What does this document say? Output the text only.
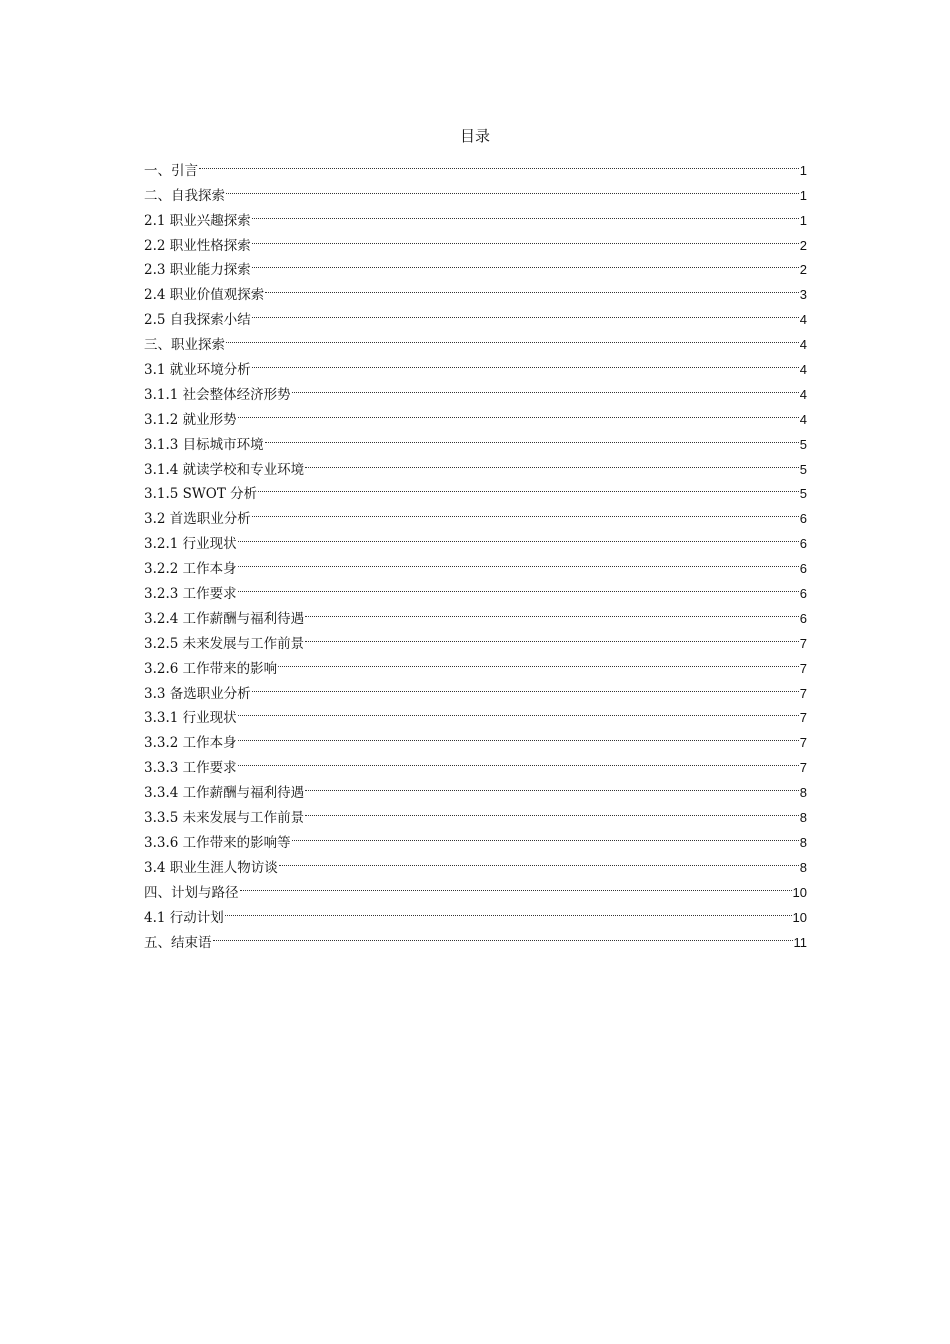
目录
一、引言	1
二、自我探索	1
2.1 职业兴趣探索	1
2.2 职业性格探索	2
2.3 职业能力探索	2
2.4 职业价值观探索	3
2.5 自我探索小结	4
三、职业探索	4
3.1 就业环境分析	4
3.1.1 社会整体经济形势	4
3.1.2 就业形势	4
3.1.3 目标城市环境	5
3.1.4 就读学校和专业环境	5
3.1.5 SWOT 分析	5
3.2 首选职业分析	6
3.2.1 行业现状	6
3.2.2 工作本身	6
3.2.3 工作要求	6
3.2.4 工作薪酬与福利待遇	6
3.2.5 未来发展与工作前景	7
3.2.6 工作带来的影响	7
3.3 备选职业分析	7
3.3.1 行业现状	7
3.3.2 工作本身	7
3.3.3 工作要求	7
3.3.4 工作薪酬与福利待遇	8
3.3.5 未来发展与工作前景	8
3.3.6 工作带来的影响等	8
3.4 职业生涯人物访谈	8
四、计划与路径	10
4.1 行动计划	10
五、结束语	11
